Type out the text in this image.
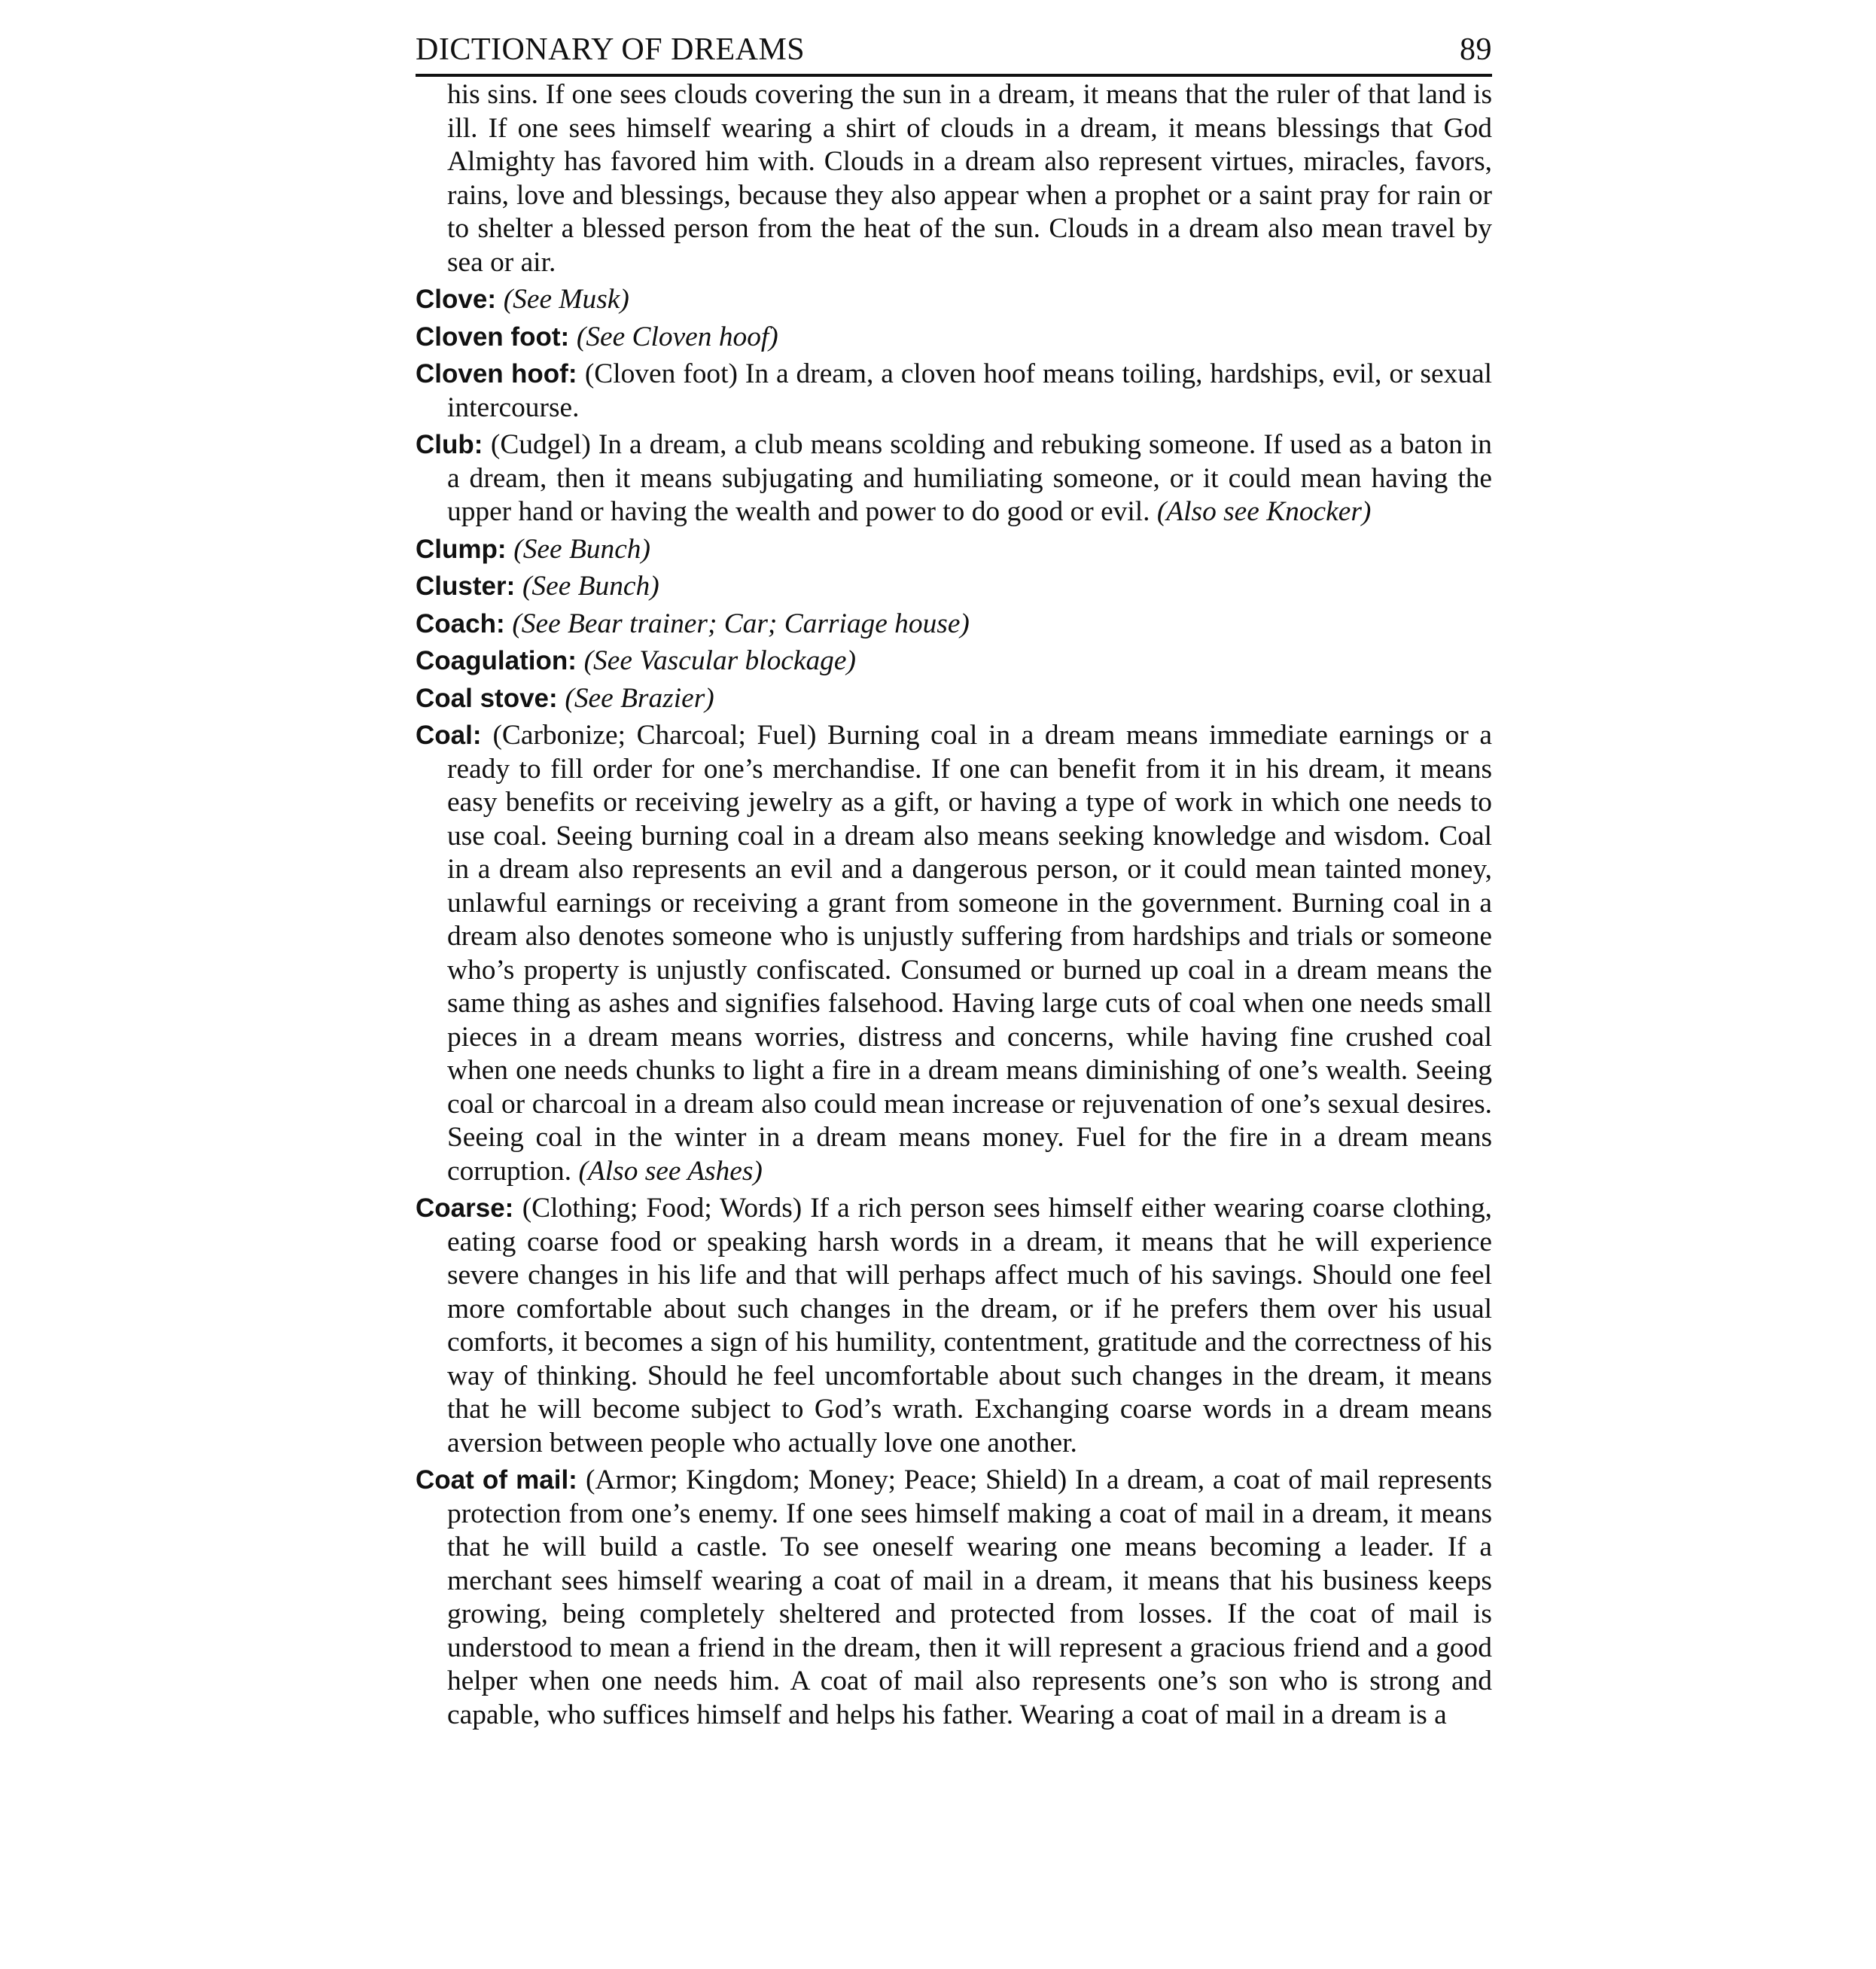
DICTIONARY OF DREAMS	89

his sins. If one sees clouds covering the sun in a dream, it means that the ruler of that land is ill. If one sees himself wearing a shirt of clouds in a dream, it means blessings that God Almighty has favored him with. Clouds in a dream also represent virtues, miracles, favors, rains, love and blessings, because they also appear when a prophet or a saint pray for rain or to shelter a blessed person from the heat of the sun. Clouds in a dream also mean travel by sea or air.

Clove: (See Musk)

Cloven foot: (See Cloven hoof)

Cloven hoof: (Cloven foot) In a dream, a cloven hoof means toiling, hardships, evil, or sexual intercourse.

Club: (Cudgel) In a dream, a club means scolding and rebuking someone. If used as a baton in a dream, then it means subjugating and humiliating someone, or it could mean having the upper hand or having the wealth and power to do good or evil. (Also see Knocker)

Clump: (See Bunch)

Cluster: (See Bunch)

Coach: (See Bear trainer; Car; Carriage house)

Coagulation: (See Vascular blockage)

Coal stove: (See Brazier)

Coal: (Carbonize; Charcoal; Fuel) Burning coal in a dream means immediate earnings or a ready to fill order for one’s merchandise. If one can benefit from it in his dream, it means easy benefits or receiving jewelry as a gift, or having a type of work in which one needs to use coal. Seeing burning coal in a dream also means seeking knowledge and wisdom. Coal in a dream also represents an evil and a dangerous person, or it could mean tainted money, unlawful earnings or receiving a grant from someone in the government. Burning coal in a dream also denotes someone who is unjustly suffering from hardships and trials or someone who’s property is unjustly confiscated. Consumed or burned up coal in a dream means the same thing as ashes and signifies falsehood. Having large cuts of coal when one needs small pieces in a dream means worries, distress and concerns, while having fine crushed coal when one needs chunks to light a fire in a dream means diminishing of one’s wealth. Seeing coal or charcoal in a dream also could mean increase or rejuvenation of one’s sexual desires. Seeing coal in the winter in a dream means money. Fuel for the fire in a dream means corruption. (Also see Ashes)

Coarse: (Clothing; Food; Words) If a rich person sees himself either wearing coarse clothing, eating coarse food or speaking harsh words in a dream, it means that he will experience severe changes in his life and that will perhaps affect much of his savings. Should one feel more comfortable about such changes in the dream, or if he prefers them over his usual comforts, it becomes a sign of his humility, contentment, gratitude and the correctness of his way of thinking. Should he feel uncomfortable about such changes in the dream, it means that he will become subject to God’s wrath. Exchanging coarse words in a dream means aversion between people who actually love one another.

Coat of mail: (Armor; Kingdom; Money; Peace; Shield) In a dream, a coat of mail represents protection from one’s enemy. If one sees himself making a coat of mail in a dream, it means that he will build a castle. To see oneself wearing one means becoming a leader. If a merchant sees himself wearing a coat of mail in a dream, it means that his business keeps growing, being completely sheltered and protected from losses. If the coat of mail is understood to mean a friend in the dream, then it will represent a gracious friend and a good helper when one needs him. A coat of mail also represents one’s son who is strong and capable, who suffices himself and helps his father. Wearing a coat of mail in a dream is a
